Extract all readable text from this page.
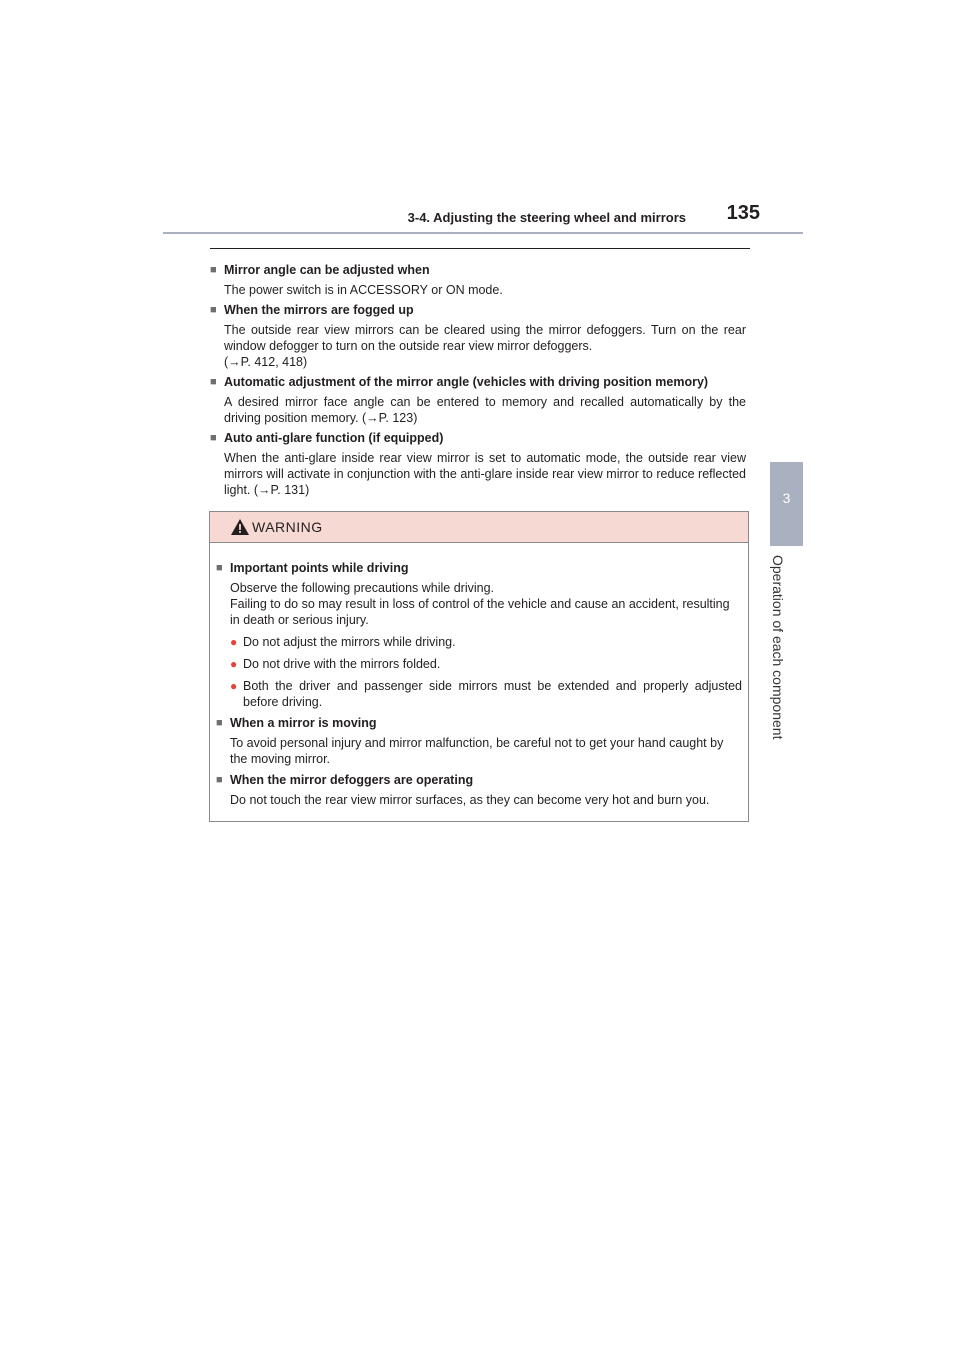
3-4. Adjusting the steering wheel and mirrors	135
3
Operation of each component
■ Mirror angle can be adjusted when
The power switch is in ACCESSORY or ON mode.
■ When the mirrors are fogged up
The outside rear view mirrors can be cleared using the mirror defoggers. Turn on the rear window defogger to turn on the outside rear view mirror defoggers.
(→P. 412, 418)
■ Automatic adjustment of the mirror angle (vehicles with driving position memory)
A desired mirror face angle can be entered to memory and recalled automatically by the driving position memory. (→P. 123)
■ Auto anti-glare function (if equipped)
When the anti-glare inside rear view mirror is set to automatic mode, the outside rear view mirrors will activate in conjunction with the anti-glare inside rear view mirror to reduce reflected light. (→P. 131)
WARNING
■ Important points while driving
Observe the following precautions while driving.
Failing to do so may result in loss of control of the vehicle and cause an accident, resulting in death or serious injury.
● Do not adjust the mirrors while driving.
● Do not drive with the mirrors folded.
● Both the driver and passenger side mirrors must be extended and properly adjusted before driving.
■ When a mirror is moving
To avoid personal injury and mirror malfunction, be careful not to get your hand caught by the moving mirror.
■ When the mirror defoggers are operating
Do not touch the rear view mirror surfaces, as they can become very hot and burn you.
